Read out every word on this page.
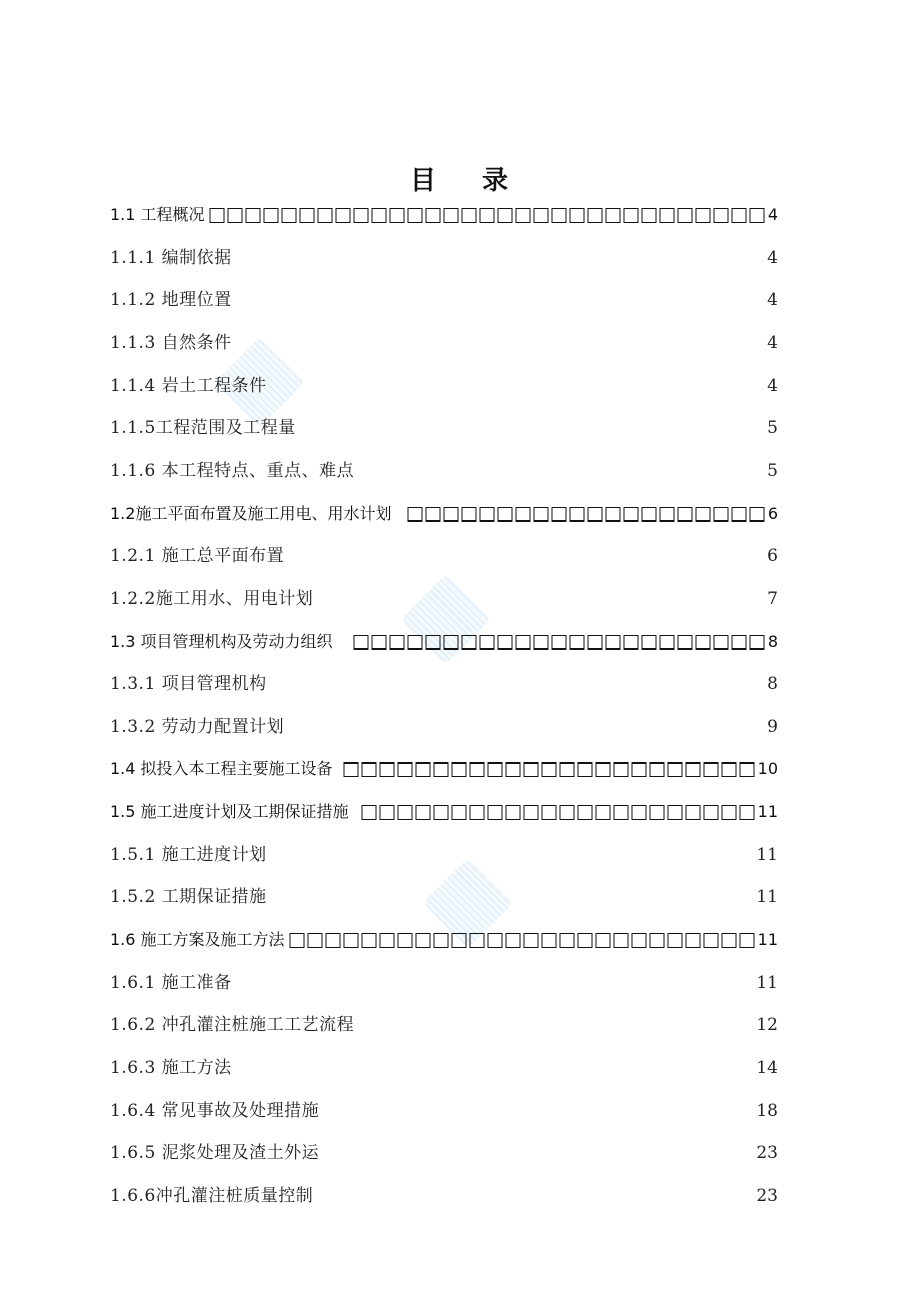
目 录
1.1 工程概况	4
1.1.1 编制依据	4
1.1.2 地理位置	4
1.1.3 自然条件	4
1.1.4 岩土工程条件	4
1.1.5工程范围及工程量	5
1.1.6 本工程特点、重点、难点	5
1.2施工平面布置及施工用电、用水计划	6
1.2.1 施工总平面布置	6
1.2.2施工用水、用电计划	7
1.3 项目管理机构及劳动力组织	8
1.3.1 项目管理机构	8
1.3.2 劳动力配置计划	9
1.4 拟投入本工程主要施工设备	10
1.5 施工进度计划及工期保证措施	11
1.5.1 施工进度计划	11
1.5.2 工期保证措施	11
1.6 施工方案及施工方法	11
1.6.1 施工准备	11
1.6.2 冲孔灌注桩施工工艺流程	12
1.6.3 施工方法	14
1.6.4 常见事故及处理措施	18
1.6.5 泥浆处理及渣土外运	23
1.6.6冲孔灌注桩质量控制	23
